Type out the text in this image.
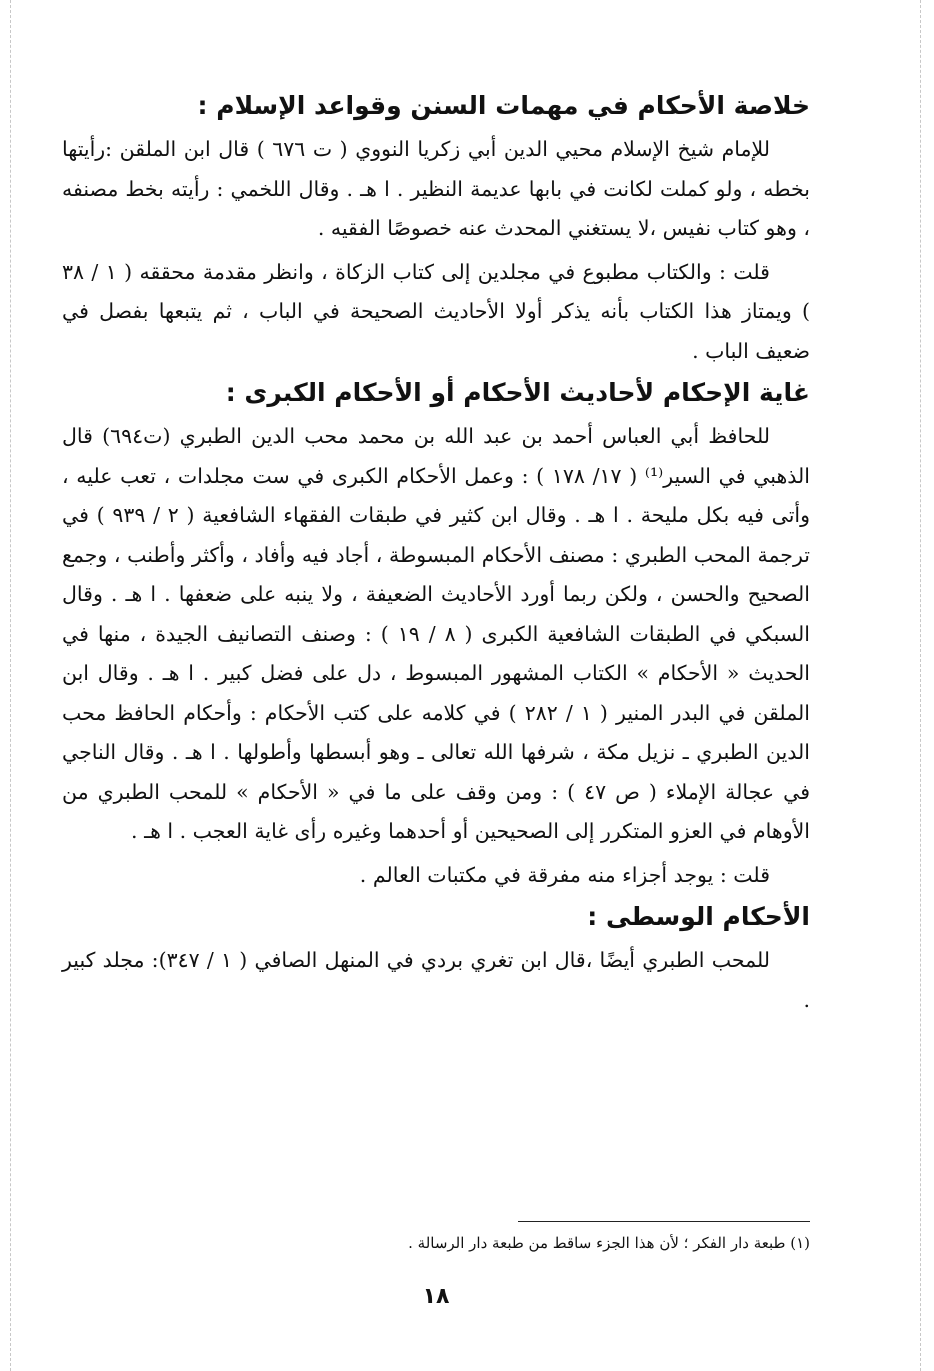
خلاصة الأحكام في مهمات السنن وقواعد الإسلام :

للإمام شيخ الإسلام محيي الدين أبي زكريا النووي ( ت ٦٧٦ ) قال ابن الملقن :رأيتها بخطه ، ولو كملت لكانت في بابها عديمة النظير . ا هـ . وقال اللخمي : رأيته بخط مصنفه ، وهو كتاب نفيس ،لا يستغني المحدث عنه خصوصًا الفقيه .

قلت : والكتاب مطبوع في مجلدين إلى كتاب الزكاة ، وانظر مقدمة محققه ( ١ / ٣٨ ) ويمتاز هذا الكتاب بأنه يذكر أولا الأحاديث الصحيحة في الباب ، ثم يتبعها بفصل في ضعيف الباب .

غاية الإحكام لأحاديث الأحكام أو الأحكام الكبرى :

للحافظ أبي العباس أحمد بن عبد الله بن محمد محب الدين الطبري (ت٦٩٤) قال الذهبي في السير⁽¹⁾ ( ١٧/ ١٧٨ ) : وعمل الأحكام الكبرى في ست مجلدات ، تعب عليه ، وأتى فيه بكل مليحة . ا هـ . وقال ابن كثير في طبقات الفقهاء الشافعية ( ٢ / ٩٣٩ ) في ترجمة المحب الطبري : مصنف الأحكام المبسوطة ، أجاد فيه وأفاد ، وأكثر وأطنب ، وجمع الصحيح والحسن ، ولكن ربما أورد الأحاديث الضعيفة ، ولا ينبه على ضعفها . ا هـ . وقال السبكي في الطبقات الشافعية الكبرى ( ٨ / ١٩ ) : وصنف التصانيف الجيدة ، منها في الحديث « الأحكام » الكتاب المشهور المبسوط ، دل على فضل كبير . ا هـ . وقال ابن الملقن في البدر المنير ( ١ / ٢٨٢ ) في كلامه على كتب الأحكام : وأحكام الحافظ محب الدين الطبري ـ نزيل مكة ، شرفها الله تعالى ـ وهو أبسطها وأطولها . ا هـ . وقال الناجي في عجالة الإملاء ( ص ٤٧ ) : ومن وقف على ما في « الأحكام » للمحب الطبري من الأوهام في العزو المتكرر إلى الصحيحين أو أحدهما وغيره رأى غاية العجب . ا هـ .

قلت : يوجد أجزاء منه مفرقة في مكتبات العالم .

الأحكام الوسطى :

للمحب الطبري أيضًا ،قال ابن تغري بردي في المنهل الصافي ( ١ / ٣٤٧): مجلد كبير .

(١) طبعة دار الفكر ؛ لأن هذا الجزء ساقط من طبعة دار الرسالة .
١٨
